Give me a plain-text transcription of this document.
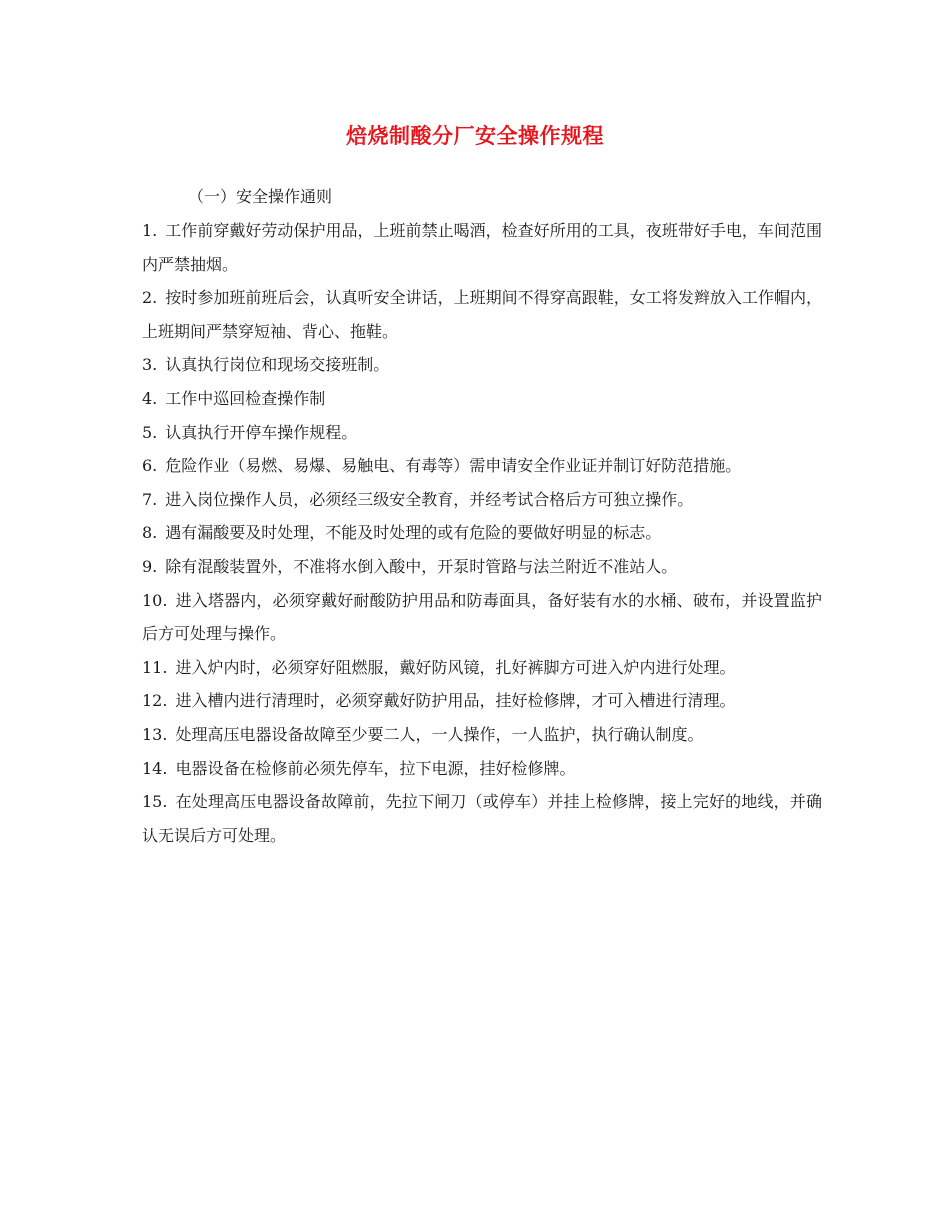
焙烧制酸分厂安全操作规程
（一）安全操作通则

1. 工作前穿戴好劳动保护用品，上班前禁止喝酒，检查好所用的工具，夜班带好手电，车间范围内严禁抽烟。

2. 按时参加班前班后会，认真听安全讲话，上班期间不得穿高跟鞋，女工将发辫放入工作帽内，上班期间严禁穿短袖、背心、拖鞋。

3. 认真执行岗位和现场交接班制。

4. 工作中巡回检查操作制

5. 认真执行开停车操作规程。

6. 危险作业（易燃、易爆、易触电、有毒等）需申请安全作业证并制订好防范措施。

7. 进入岗位操作人员，必须经三级安全教育，并经考试合格后方可独立操作。

8. 遇有漏酸要及时处理，不能及时处理的或有危险的要做好明显的标志。

9. 除有混酸装置外，不准将水倒入酸中，开泵时管路与法兰附近不准站人。

10. 进入塔器内，必须穿戴好耐酸防护用品和防毒面具，备好装有水的水桶、破布，并设置监护后方可处理与操作。

11. 进入炉内时，必须穿好阻燃服，戴好防风镜，扎好裤脚方可进入炉内进行处理。

12. 进入槽内进行清理时，必须穿戴好防护用品，挂好检修牌，才可入槽进行清理。

13. 处理高压电器设备故障至少要二人，一人操作，一人监护，执行确认制度。

14. 电器设备在检修前必须先停车，拉下电源，挂好检修牌。

15. 在处理高压电器设备故障前，先拉下闸刀（或停车）并挂上检修牌，接上完好的地线，并确认无误后方可处理。
